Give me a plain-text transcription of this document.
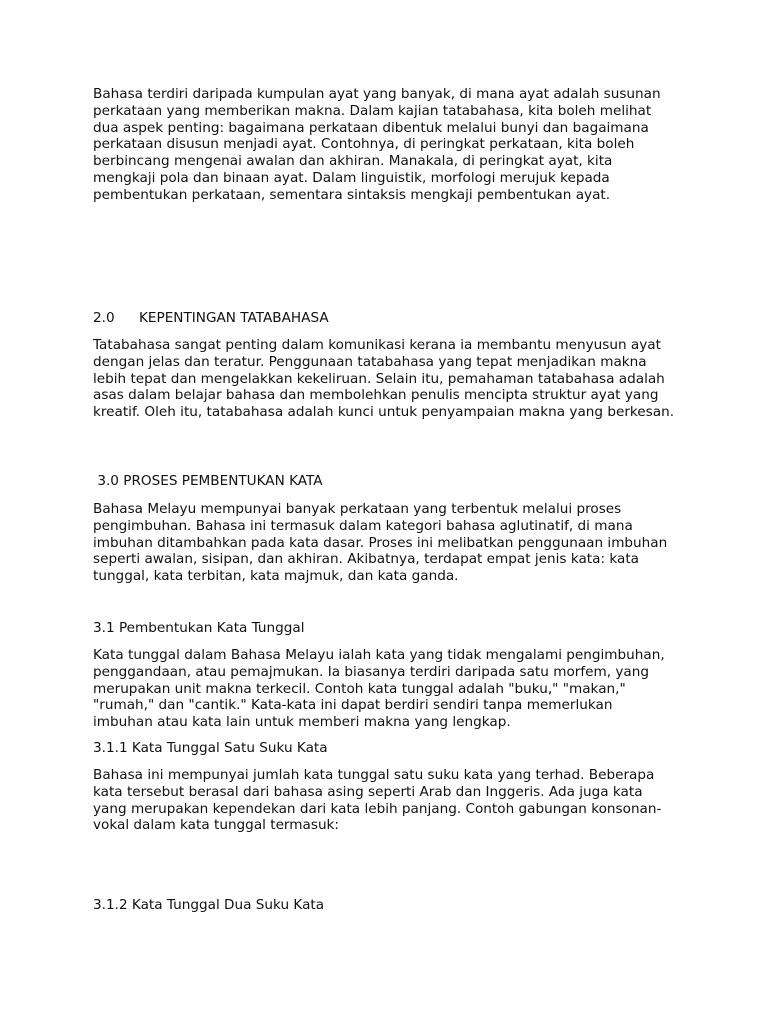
Bahasa terdiri daripada kumpulan ayat yang banyak, di mana ayat adalah susunan perkataan yang memberikan makna. Dalam kajian tatabahasa, kita boleh melihat dua aspek penting: bagaimana perkataan dibentuk melalui bunyi dan bagaimana perkataan disusun menjadi ayat. Contohnya, di peringkat perkataan, kita boleh berbincang mengenai awalan dan akhiran. Manakala, di peringkat ayat, kita mengkaji pola dan binaan ayat. Dalam linguistik, morfologi merujuk kepada pembentukan perkataan, sementara sintaksis mengkaji pembentukan ayat.

2.0 KEPENTINGAN TATABAHASA

Tatabahasa sangat penting dalam komunikasi kerana ia membantu menyusun ayat dengan jelas dan teratur. Penggunaan tatabahasa yang tepat menjadikan makna lebih tepat dan mengelakkan kekeliruan. Selain itu, pemahaman tatabahasa adalah asas dalam belajar bahasa dan membolehkan penulis mencipta struktur ayat yang kreatif. Oleh itu, tatabahasa adalah kunci untuk penyampaian makna yang berkesan.

3.0 PROSES PEMBENTUKAN KATA

Bahasa Melayu mempunyai banyak perkataan yang terbentuk melalui proses pengimbuhan. Bahasa ini termasuk dalam kategori bahasa aglutinatif, di mana imbuhan ditambahkan pada kata dasar. Proses ini melibatkan penggunaan imbuhan seperti awalan, sisipan, dan akhiran. Akibatnya, terdapat empat jenis kata: kata tunggal, kata terbitan, kata majmuk, dan kata ganda.

3.1 Pembentukan Kata Tunggal

Kata tunggal dalam Bahasa Melayu ialah kata yang tidak mengalami pengimbuhan, penggandaan, atau pemajmukan. Ia biasanya terdiri daripada satu morfem, yang merupakan unit makna terkecil. Contoh kata tunggal adalah "buku," "makan," "rumah," dan "cantik." Kata-kata ini dapat berdiri sendiri tanpa memerlukan imbuhan atau kata lain untuk memberi makna yang lengkap.

3.1.1 Kata Tunggal Satu Suku Kata

Bahasa ini mempunyai jumlah kata tunggal satu suku kata yang terhad. Beberapa kata tersebut berasal dari bahasa asing seperti Arab dan Inggeris. Ada juga kata yang merupakan kependekan dari kata lebih panjang. Contoh gabungan konsonan-vokal dalam kata tunggal termasuk:

3.1.2 Kata Tunggal Dua Suku Kata
